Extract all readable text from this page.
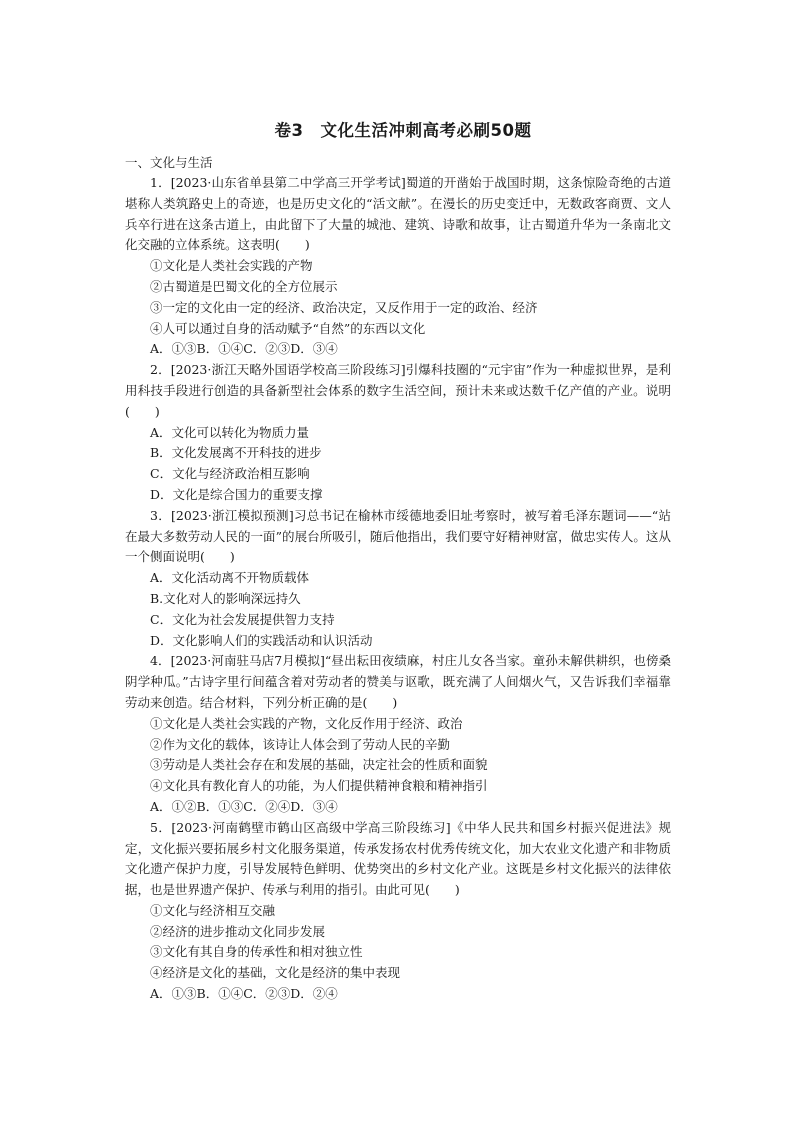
卷3　文化生活冲刺高考必刷50题
一、文化与生活

1．[2023·山东省单县第二中学高三开学考试]蜀道的开凿始于战国时期，这条惊险奇绝的古道堪称人类筑路史上的奇迹，也是历史文化的“活文献”。在漫长的历史变迁中，无数政客商贾、文人兵卒行进在这条古道上，由此留下了大量的城池、建筑、诗歌和故事，让古蜀道升华为一条南北文化交融的立体系统。这表明(　　)

①文化是人类社会实践的产物

②古蜀道是巴蜀文化的全方位展示

③一定的文化由一定的经济、政治决定，又反作用于一定的政治、经济

④人可以通过自身的活动赋予“自然”的东西以文化

A．①③B．①④C．②③D．③④

2．[2023·浙江天略外国语学校高三阶段练习]引爆科技圈的“元宇宙”作为一种虚拟世界，是利用科技手段进行创造的具备新型社会体系的数字生活空间，预计未来或达数千亿产值的产业。说明(　　)

A．文化可以转化为物质力量

B．文化发展离不开科技的进步

C．文化与经济政治相互影响

D．文化是综合国力的重要支撑

3．[2023·浙江模拟预测]习总书记在榆林市绥德地委旧址考察时，被写着毛泽东题词——“站在最大多数劳动人民的一面”的展台所吸引，随后他指出，我们要守好精神财富，做忠实传人。这从一个侧面说明(　　)

A．文化活动离不开物质载体

B.文化对人的影响深远持久

C．文化为社会发展提供智力支持

D．文化影响人们的实践活动和认识活动

4．[2023·河南驻马店7月模拟]“昼出耘田夜绩麻，村庄儿女各当家。童孙未解供耕织，也傍桑阴学种瓜。”古诗字里行间蕴含着对劳动者的赞美与讴歌，既充满了人间烟火气，又告诉我们幸福靠劳动来创造。结合材料，下列分析正确的是(　　)

①文化是人类社会实践的产物，文化反作用于经济、政治

②作为文化的载体，该诗让人体会到了劳动人民的辛勤

③劳动是人类社会存在和发展的基础，决定社会的性质和面貌

④文化具有教化育人的功能，为人们提供精神食粮和精神指引

A．①②B．①③C．②④D．③④

5．[2023·河南鹤壁市鹤山区高级中学高三阶段练习]《中华人民共和国乡村振兴促进法》规定，文化振兴要拓展乡村文化服务渠道，传承发扬农村优秀传统文化，加大农业文化遗产和非物质文化遗产保护力度，引导发展特色鲜明、优势突出的乡村文化产业。这既是乡村文化振兴的法律依据，也是世界遗产保护、传承与利用的指引。由此可见(　　)

①文化与经济相互交融

②经济的进步推动文化同步发展

③文化有其自身的传承性和相对独立性

④经济是文化的基础，文化是经济的集中表现

A．①③B．①④C．②③D．②④
